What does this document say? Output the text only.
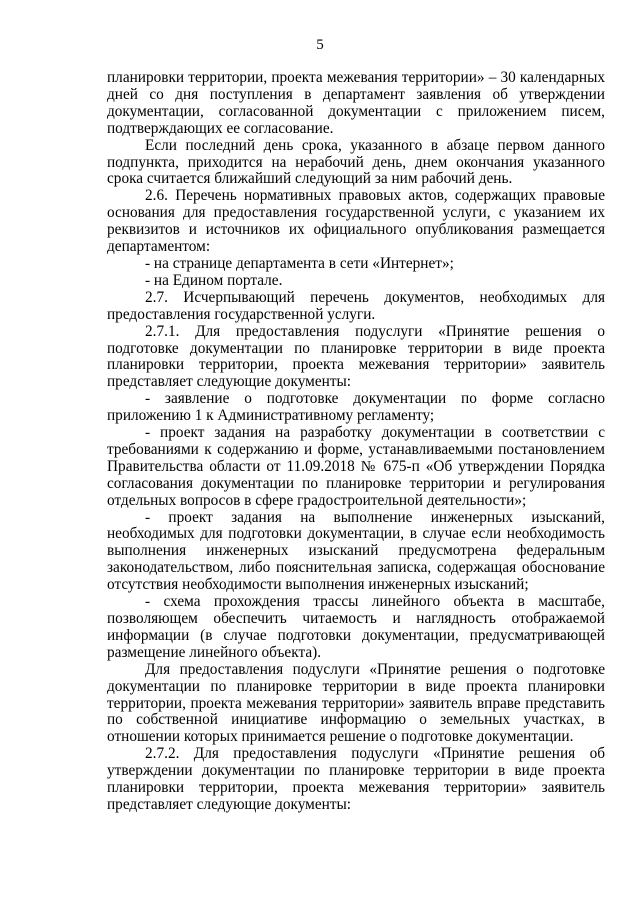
5

планировки территории, проекта межевания территории» – 30 календарных дней со дня поступления в департамент заявления об утверждении документации, согласованной документации с приложением писем, подтверждающих ее согласование.

Если последний день срока, указанного в абзаце первом данного подпункта, приходится на нерабочий день, днем окончания указанного срока считается ближайший следующий за ним рабочий день.

2.6. Перечень нормативных правовых актов, содержащих правовые основания для предоставления государственной услуги, с указанием их реквизитов и источников их официального опубликования размещается департаментом:

- на странице департамента в сети «Интернет»;

- на Едином портале.

2.7. Исчерпывающий перечень документов, необходимых для предоставления государственной услуги.

2.7.1. Для предоставления подуслуги «Принятие решения о подготовке документации по планировке территории в виде проекта планировки территории, проекта межевания территории» заявитель представляет следующие документы:

- заявление о подготовке документации по форме согласно приложению 1 к Административному регламенту;

- проект задания на разработку документации в соответствии с требованиями к содержанию и форме, устанавливаемыми постановлением Правительства области от 11.09.2018 № 675-п «Об утверждении Порядка согласования документации по планировке территории и регулирования отдельных вопросов в сфере градостроительной деятельности»;

- проект задания на выполнение инженерных изысканий, необходимых для подготовки документации, в случае если необходимость выполнения инженерных изысканий предусмотрена федеральным законодательством, либо пояснительная записка, содержащая обоснование отсутствия необходимости выполнения инженерных изысканий;

- схема прохождения трассы линейного объекта в масштабе, позволяющем обеспечить читаемость и наглядность отображаемой информации (в случае подготовки документации, предусматривающей размещение линейного объекта).

Для предоставления подуслуги «Принятие решения о подготовке документации по планировке территории в виде проекта планировки территории, проекта межевания территории» заявитель вправе представить по собственной инициативе информацию о земельных участках, в отношении которых принимается решение о подготовке документации.

2.7.2. Для предоставления подуслуги «Принятие решения об утверждении документации по планировке территории в виде проекта планировки территории, проекта межевания территории» заявитель представляет следующие документы:
